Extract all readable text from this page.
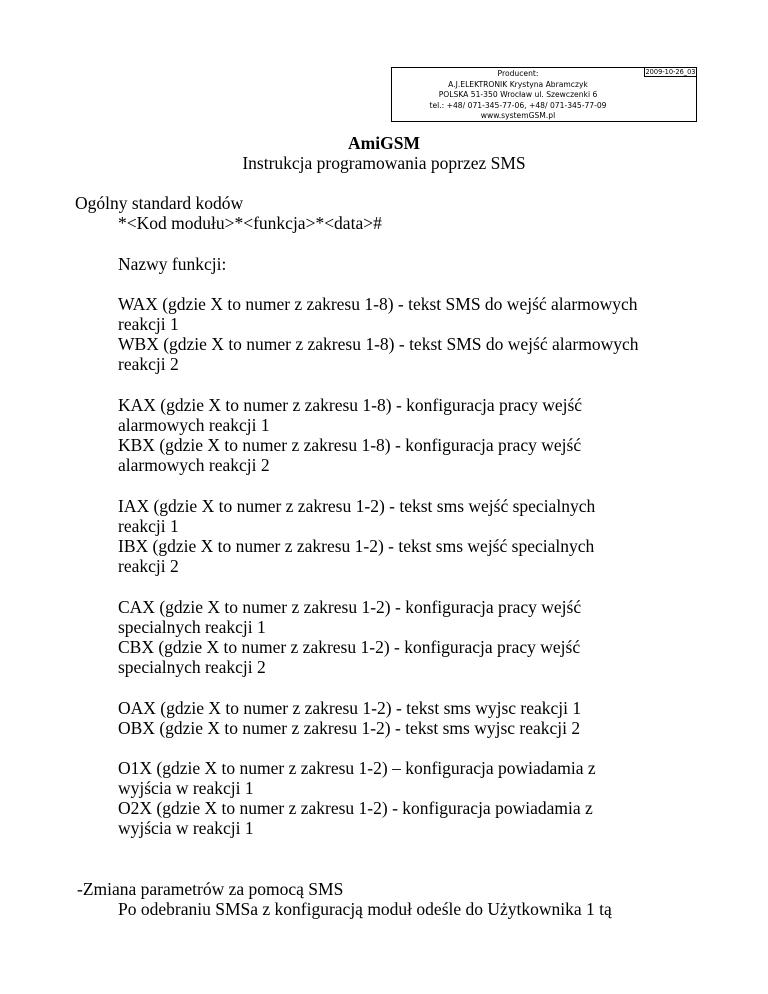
Producent:
A.J.ELEKTRONIK Krystyna Abramczyk
POLSKA 51-350 Wrocław ul. Szewczenki 6
tel.: +48/ 071-345-77-06, +48/ 071-345-77-09
www.systemGSM.pl
2009-10-26_03
AmiGSM
Instrukcja programowania poprzez SMS
Ogólny standard kodów
*<Kod modułu>*<funkcja>*<data>#
Nazwy funkcji:
WAX (gdzie X to numer z zakresu 1-8) - tekst SMS do wejść alarmowych
reakcji 1
WBX (gdzie X to numer z zakresu 1-8) - tekst SMS do wejść alarmowych
reakcji 2
KAX (gdzie X to numer z zakresu 1-8) - konfiguracja pracy wejść
alarmowych reakcji 1
KBX (gdzie X to numer z zakresu 1-8) - konfiguracja pracy wejść
alarmowych reakcji 2
IAX (gdzie X to numer z zakresu 1-2) - tekst sms wejść specialnych
reakcji 1
IBX (gdzie X to numer z zakresu 1-2) - tekst sms wejść specialnych
reakcji 2
CAX (gdzie X to numer z zakresu 1-2) - konfiguracja pracy wejść
specialnych reakcji 1
CBX (gdzie X to numer z zakresu 1-2) - konfiguracja pracy wejść
specialnych reakcji 2
OAX (gdzie X to numer z zakresu 1-2) - tekst sms wyjsc reakcji 1
OBX (gdzie X to numer z zakresu 1-2) - tekst sms wyjsc reakcji 2
O1X (gdzie X to numer z zakresu 1-2) – konfiguracja powiadamia z
wyjścia w reakcji 1
O2X (gdzie X to numer z zakresu 1-2) - konfiguracja powiadamia z
wyjścia w reakcji 1
-Zmiana parametrów za pomocą SMS
Po odebraniu SMSa z konfiguracją moduł odeśle do Użytkownika 1 tą
